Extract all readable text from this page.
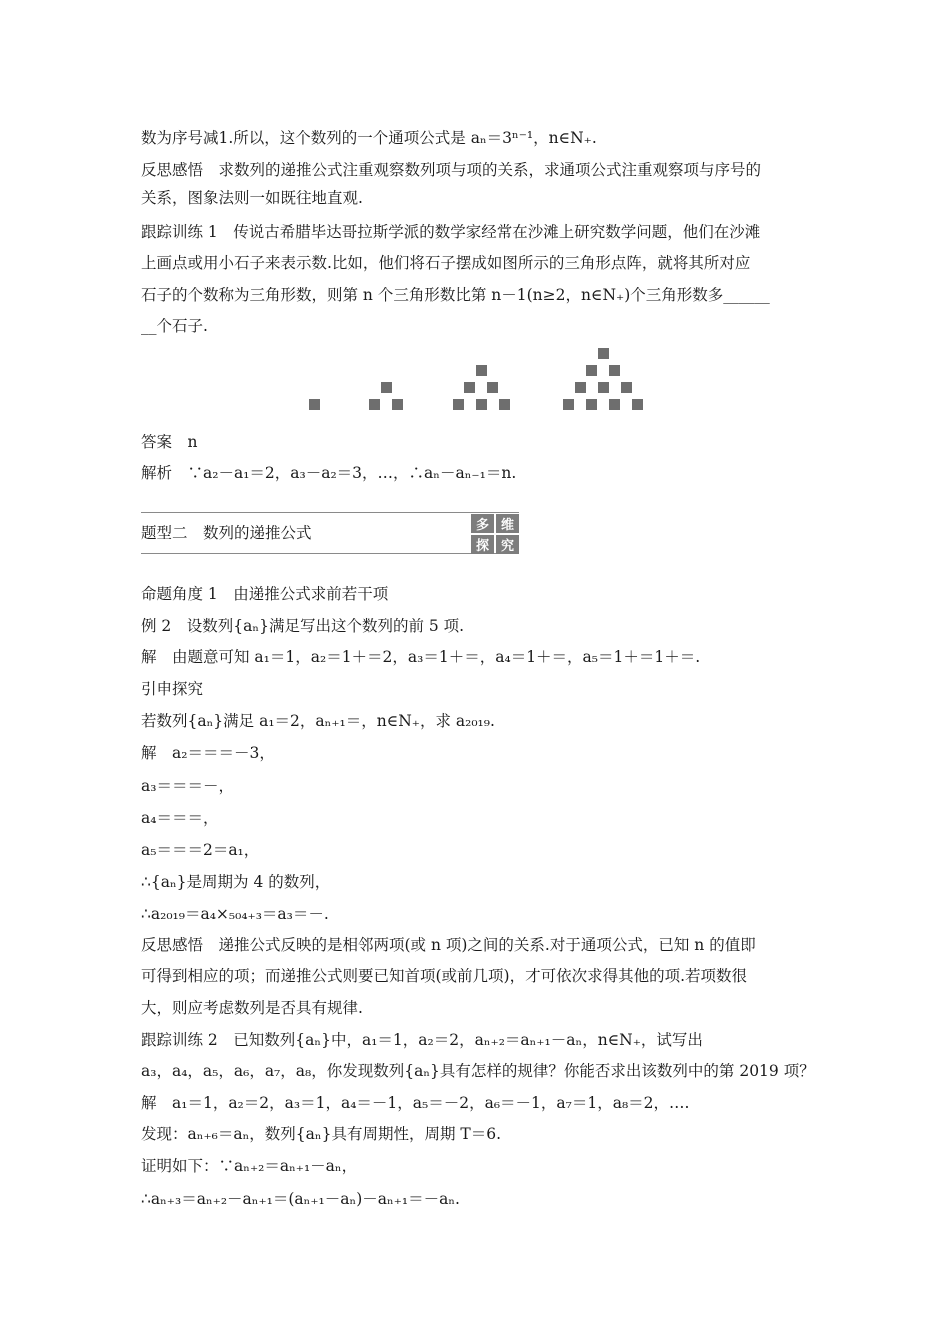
数为序号减1.所以，这个数列的一个通项公式是 aₙ＝3ⁿ⁻¹，n∈N₊.
反思感悟　求数列的递推公式注重观察数列项与项的关系，求通项公式注重观察项与序号的
关系，图象法则一如既往地直观.
跟踪训练 1　传说古希腊毕达哥拉斯学派的数学家经常在沙滩上研究数学问题，他们在沙滩
上画点或用小石子来表示数.比如，他们将石子摆成如图所示的三角形点阵，就将其所对应
石子的个数称为三角形数，则第 n 个三角形数比第 n－1(n≥2，n∈N₊)个三角形数多______
__个石子.
答案　n
解析　∵a₂－a₁＝2，a₃－a₂＝3，…，∴aₙ－aₙ₋₁＝n.
题型二　数列的递推公式	多 维
探 究
命题角度 1　由递推公式求前若干项
例 2　设数列{aₙ}满足写出这个数列的前 5 项.
解　由题意可知 a₁＝1，a₂＝1＋＝2，a₃＝1＋＝，a₄＝1＋＝，a₅＝1＋＝1＋＝.
引申探究
若数列{aₙ}满足 a₁＝2，aₙ₊₁＝，n∈N₊，求 a₂₀₁₉.
解　a₂＝＝＝－3，
a₃＝＝＝－，
a₄＝＝＝，
a₅＝＝＝2＝a₁，
∴{aₙ}是周期为 4 的数列，
∴a₂₀₁₉＝a₄×₅₀₄₊₃＝a₃＝－.
反思感悟　递推公式反映的是相邻两项(或 n 项)之间的关系.对于通项公式，已知 n 的值即
可得到相应的项；而递推公式则要已知首项(或前几项)，才可依次求得其他的项.若项数很
大，则应考虑数列是否具有规律.
跟踪训练 2　已知数列{aₙ}中，a₁＝1，a₂＝2，aₙ₊₂＝aₙ₊₁－aₙ，n∈N₊，试写出
a₃，a₄，a₅，a₆，a₇，a₈，你发现数列{aₙ}具有怎样的规律？你能否求出该数列中的第 2019 项？
解　a₁＝1，a₂＝2，a₃＝1，a₄＝－1，a₅＝－2，a₆＝－1，a₇＝1，a₈＝2，….
发现：aₙ₊₆＝aₙ，数列{aₙ}具有周期性，周期 T＝6.
证明如下：∵aₙ₊₂＝aₙ₊₁－aₙ，
∴aₙ₊₃＝aₙ₊₂－aₙ₊₁＝(aₙ₊₁－aₙ)－aₙ₊₁＝－aₙ.
